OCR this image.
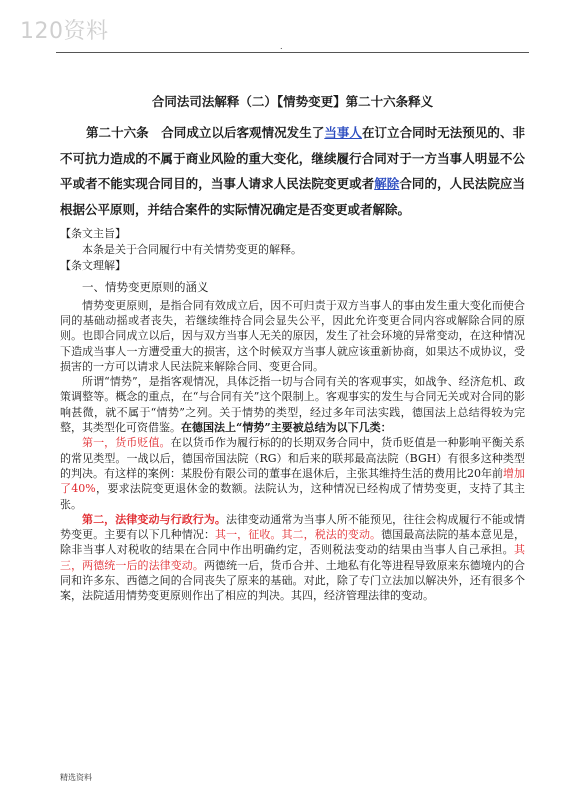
120资料
.
合同法司法解释（二）【情势变更】第二十六条释义

第二十六条　合同成立以后客观情况发生了当事人在订立合同时无法预见的、非不可抗力造成的不属于商业风险的重大变化，继续履行合同对于一方当事人明显不公平或者不能实现合同目的，当事人请求人民法院变更或者解除合同的，人民法院应当根据公平原则，并结合案件的实际情况确定是否变更或者解除。

【条文主旨】

本条是关于合同履行中有关情势变更的解释。

【条文理解】

一、情势变更原则的涵义

情势变更原则，是指合同有效成立后，因不可归责于双方当事人的事由发生重大变化而使合同的基础动摇或者丧失，若继续维持合同会显失公平，因此允许变更合同内容或解除合同的原则。也即合同成立以后，因与双方当事人无关的原因，发生了社会环境的异常变动，在这种情况下造成当事人一方遭受重大的损害，这个时候双方当事人就应该重新协商，如果达不成协议，受损害的一方可以请求人民法院来解除合同、变更合同。

所谓“情势”，是指客观情况，具体泛指一切与合同有关的客观事实，如战争、经济危机、政策调整等。概念的重点，在“与合同有关”这个限制上。客观事实的发生与合同无关或对合同的影响甚微，就不属于“情势”之列。关于情势的类型，经过多年司法实践，德国法上总结得较为完整，其类型化可资借鉴。在德国法上“情势”主要被总结为以下几类：

第一，货币贬值。在以货币作为履行标的的长期双务合同中，货币贬值是一种影响平衡关系的常见类型。一战以后，德国帝国法院（RG）和后来的联邦最高法院（BGH）有很多这种类型的判决。有这样的案例：某股份有限公司的董事在退休后，主张其维持生活的费用比20年前增加了40%，要求法院变更退休金的数额。法院认为，这种情况已经构成了情势变更，支持了其主张。

第二，法律变动与行政行为。法律变动通常为当事人所不能预见，往往会构成履行不能或情势变更。主要有以下几种情况：其一，征收。其二，税法的变动。德国最高法院的基本意见是，除非当事人对税收的结果在合同中作出明确约定，否则税法变动的结果由当事人自己承担。其三，两德统一后的法律变动。两德统一后，货币合并、土地私有化等进程导致原来东德境内的合同和许多东、西德之间的合同丧失了原来的基础。对此，除了专门立法加以解决外，还有很多个案，法院适用情势变更原则作出了相应的判决。其四，经济管理法律的变动。

精选资料
